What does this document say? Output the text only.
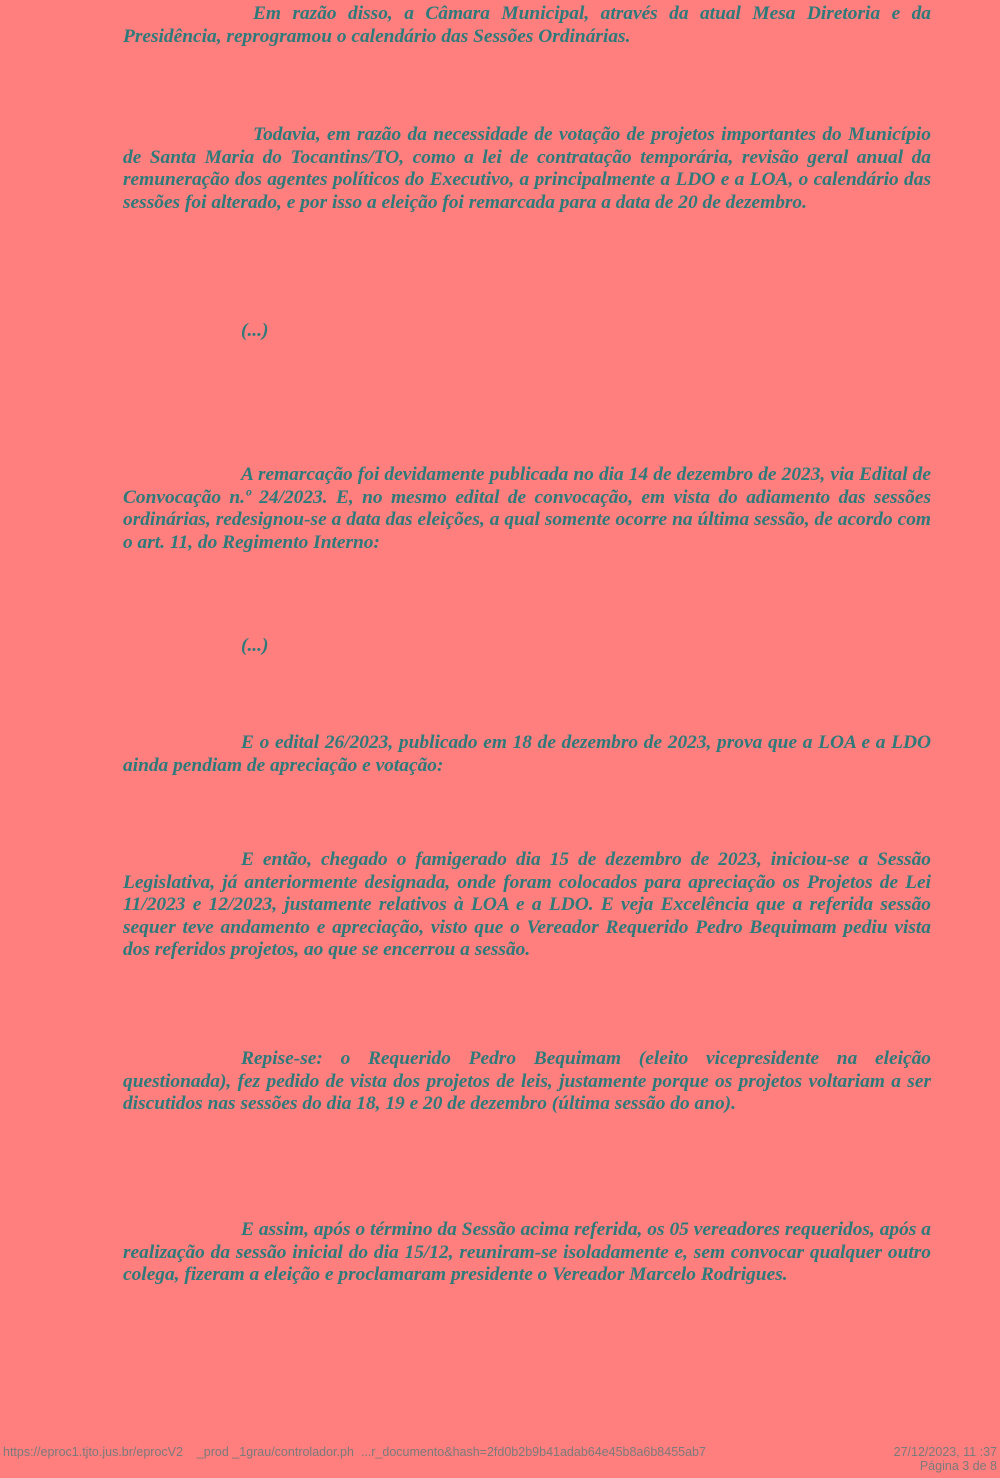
Em razão disso, a Câmara Municipal, através da atual Mesa Diretoria e da Presidência, reprogramou o calendário das Sessões Ordinárias.

Todavia, em razão da necessidade de votação de projetos importantes do Município de Santa Maria do Tocantins/TO, como a lei de contratação temporária, revisão geral anual da remuneração dos agentes políticos do Executivo, a principalmente a LDO e a LOA, o calendário das sessões foi alterado, e por isso a eleição foi remarcada para a data de 20 de dezembro.

(...)

A remarcação foi devidamente publicada no dia 14 de dezembro de 2023, via Edital de Convocação n.º 24/2023. E, no mesmo edital de convocação, em vista do adiamento das sessões ordinárias, redesignou-se a data das eleições, a qual somente ocorre na última sessão, de acordo com o art. 11, do Regimento Interno:

(...)

E o edital 26/2023, publicado em 18 de dezembro de 2023, prova que a LOA e a LDO ainda pendiam de apreciação e votação:

E então, chegado o famigerado dia 15 de dezembro de 2023, iniciou-se a Sessão Legislativa, já anteriormente designada, onde foram colocados para apreciação os Projetos de Lei 11/2023 e 12/2023, justamente relativos à LOA e a LDO. E veja Excelência que a referida sessão sequer teve andamento e apreciação, visto que o Vereador Requerido Pedro Bequimam pediu vista dos referidos projetos, ao que se encerrou a sessão.

Repise-se: o Requerido Pedro Bequimam (eleito vicepresidente na eleição questionada), fez pedido de vista dos projetos de leis, justamente porque os projetos voltariam a ser discutidos nas sessões do dia 18, 19 e 20 de dezembro (última sessão do ano).

E assim, após o término da Sessão acima referida, os 05 vereadores requeridos, após a realização da sessão inicial do dia 15/12, reuniram-se isoladamente e, sem convocar qualquer outro colega, fizeram a eleição e proclamaram presidente o Vereador Marcelo Rodrigues.

https://eproc1.tjto.jus.br/eprocV2    _prod _1grau/controlador.ph  ...r_documento&hash=2fd0b2b9b41adab64e45b8a6b8455ab7	27/12/2023, 11 :37
Página 3 de 8
